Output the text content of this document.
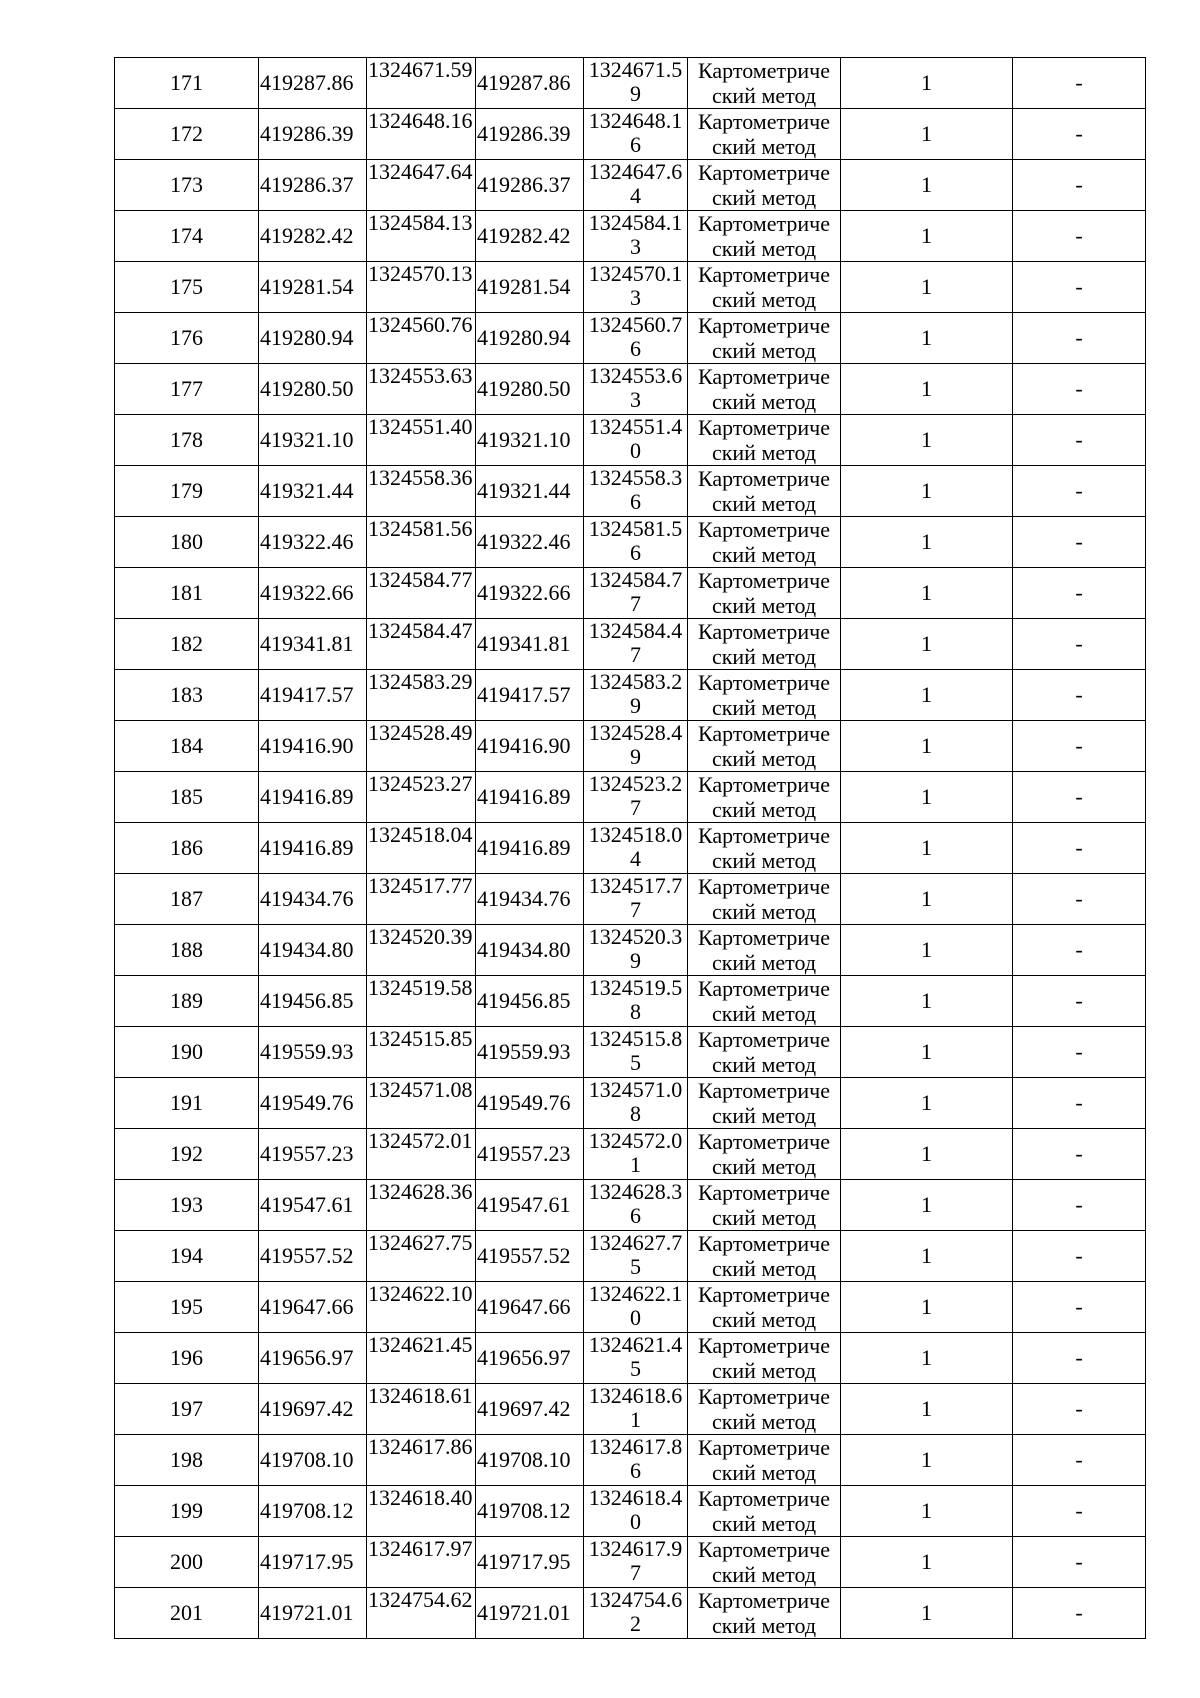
171	419287.86	1324671.59	419287.86	1324671.59	Картометриче
ский метод	1	-
172	419286.39	1324648.16	419286.39	1324648.16	Картометриче
ский метод	1	-
173	419286.37	1324647.64	419286.37	1324647.64	Картометриче
ский метод	1	-
174	419282.42	1324584.13	419282.42	1324584.13	Картометриче
ский метод	1	-
175	419281.54	1324570.13	419281.54	1324570.13	Картометриче
ский метод	1	-
176	419280.94	1324560.76	419280.94	1324560.76	Картометриче
ский метод	1	-
177	419280.50	1324553.63	419280.50	1324553.63	Картометриче
ский метод	1	-
178	419321.10	1324551.40	419321.10	1324551.40	Картометриче
ский метод	1	-
179	419321.44	1324558.36	419321.44	1324558.36	Картометриче
ский метод	1	-
180	419322.46	1324581.56	419322.46	1324581.56	Картометриче
ский метод	1	-
181	419322.66	1324584.77	419322.66	1324584.77	Картометриче
ский метод	1	-
182	419341.81	1324584.47	419341.81	1324584.47	Картометриче
ский метод	1	-
183	419417.57	1324583.29	419417.57	1324583.29	Картометриче
ский метод	1	-
184	419416.90	1324528.49	419416.90	1324528.49	Картометриче
ский метод	1	-
185	419416.89	1324523.27	419416.89	1324523.27	Картометриче
ский метод	1	-
186	419416.89	1324518.04	419416.89	1324518.04	Картометриче
ский метод	1	-
187	419434.76	1324517.77	419434.76	1324517.77	Картометриче
ский метод	1	-
188	419434.80	1324520.39	419434.80	1324520.39	Картометриче
ский метод	1	-
189	419456.85	1324519.58	419456.85	1324519.58	Картометриче
ский метод	1	-
190	419559.93	1324515.85	419559.93	1324515.85	Картометриче
ский метод	1	-
191	419549.76	1324571.08	419549.76	1324571.08	Картометриче
ский метод	1	-
192	419557.23	1324572.01	419557.23	1324572.01	Картометриче
ский метод	1	-
193	419547.61	1324628.36	419547.61	1324628.36	Картометриче
ский метод	1	-
194	419557.52	1324627.75	419557.52	1324627.75	Картометриче
ский метод	1	-
195	419647.66	1324622.10	419647.66	1324622.10	Картометриче
ский метод	1	-
196	419656.97	1324621.45	419656.97	1324621.45	Картометриче
ский метод	1	-
197	419697.42	1324618.61	419697.42	1324618.61	Картометриче
ский метод	1	-
198	419708.10	1324617.86	419708.10	1324617.86	Картометриче
ский метод	1	-
199	419708.12	1324618.40	419708.12	1324618.40	Картометриче
ский метод	1	-
200	419717.95	1324617.97	419717.95	1324617.97	Картометриче
ский метод	1	-
201	419721.01	1324754.62	419721.01	1324754.62	Картометриче
ский метод	1	-
